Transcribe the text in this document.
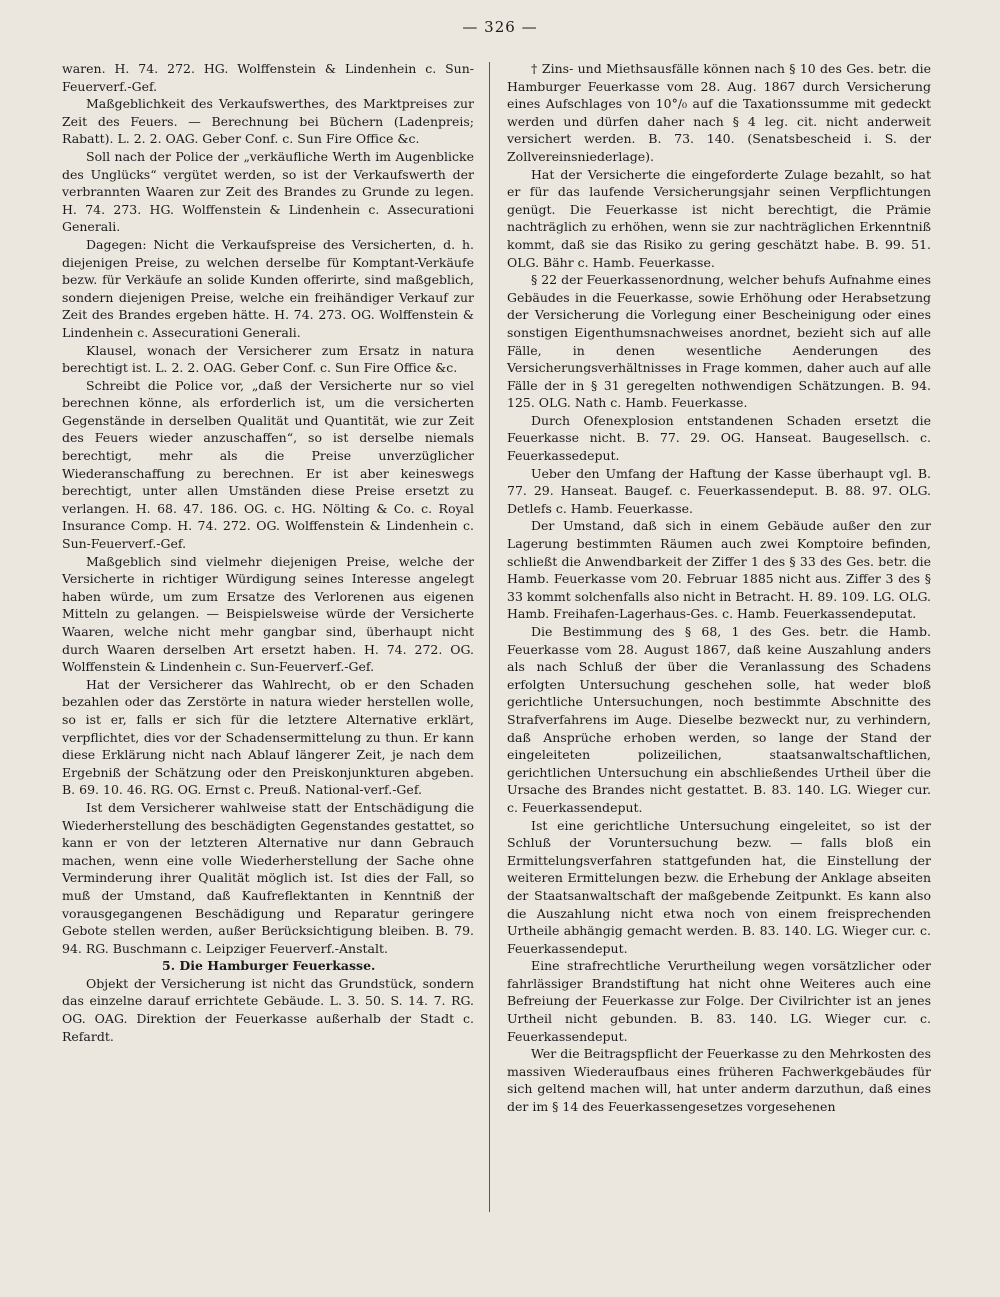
— 326 —

waren. H. 74. 272. HG. Wolffenstein & Lindenhein c. Sun-Feuerverf.-Gef.

Maßgeblichkeit des Verkaufswerthes, des Marktpreises zur Zeit des Feuers. — Berechnung bei Büchern (Ladenpreis; Rabatt). L. 2. 2. OAG. Geber Conf. c. Sun Fire Office &c.

Soll nach der Police der „verkäufliche Werth im Augenblicke des Unglücks“ vergütet werden, so ist der Verkaufswerth der verbrannten Waaren zur Zeit des Brandes zu Grunde zu legen. H. 74. 273. HG. Wolffenstein & Lindenhein c. Assecurationi Generali.

Dagegen: Nicht die Verkaufspreise des Versicherten, d. h. diejenigen Preise, zu welchen derselbe für Komptant-Verkäufe bezw. für Verkäufe an solide Kunden offerirte, sind maßgeblich, sondern diejenigen Preise, welche ein freihändiger Verkauf zur Zeit des Brandes ergeben hätte. H. 74. 273. OG. Wolffenstein & Lindenhein c. Assecurationi Generali.

Klausel, wonach der Versicherer zum Ersatz in natura berechtigt ist. L. 2. 2. OAG. Geber Conf. c. Sun Fire Office &c.

Schreibt die Police vor, „daß der Versicherte nur so viel berechnen könne, als erforderlich ist, um die versicherten Gegenstände in derselben Qualität und Quantität, wie zur Zeit des Feuers wieder anzuschaffen“, so ist derselbe niemals berechtigt, mehr als die Preise unverzüglicher Wiederanschaffung zu berechnen. Er ist aber keineswegs berechtigt, unter allen Umständen diese Preise ersetzt zu verlangen. H. 68. 47. 186. OG. c. HG. Nölting & Co. c. Royal Insurance Comp. H. 74. 272. OG. Wolffenstein & Lindenhein c. Sun-Feuerverf.-Gef.

Maßgeblich sind vielmehr diejenigen Preise, welche der Versicherte in richtiger Würdigung seines Interesse angelegt haben würde, um zum Ersatze des Verlorenen aus eigenen Mitteln zu gelangen. — Beispielsweise würde der Versicherte Waaren, welche nicht mehr gangbar sind, überhaupt nicht durch Waaren derselben Art ersetzt haben. H. 74. 272. OG. Wolffenstein & Lindenhein c. Sun-Feuerverf.-Gef.

Hat der Versicherer das Wahlrecht, ob er den Schaden bezahlen oder das Zerstörte in natura wieder herstellen wolle, so ist er, falls er sich für die letztere Alternative erklärt, verpflichtet, dies vor der Schadensermittelung zu thun. Er kann diese Erklärung nicht nach Ablauf längerer Zeit, je nach dem Ergebniß der Schätzung oder den Preiskonjunkturen abgeben. B. 69. 10. 46. RG. OG. Ernst c. Preuß. National-verf.-Gef.

Ist dem Versicherer wahlweise statt der Entschädigung die Wiederherstellung des beschädigten Gegenstandes gestattet, so kann er von der letzteren Alternative nur dann Gebrauch machen, wenn eine volle Wiederherstellung der Sache ohne Verminderung ihrer Qualität möglich ist. Ist dies der Fall, so muß der Umstand, daß Kaufreflektanten in Kenntniß der vorausgegangenen Beschädigung und Reparatur geringere Gebote stellen werden, außer Berücksichtigung bleiben. B. 79. 94. RG. Buschmann c. Leipziger Feuerverf.-Anstalt.

5. Die Hamburger Feuerkasse.

Objekt der Versicherung ist nicht das Grundstück, sondern das einzelne darauf errichtete Gebäude. L. 3. 50. S. 14. 7. RG. OG. OAG. Direktion der Feuerkasse außerhalb der Stadt c. Refardt.

† Zins- und Miethsausfälle können nach § 10 des Ges. betr. die Hamburger Feuerkasse vom 28. Aug. 1867 durch Versicherung eines Aufschlages von 10°/₀ auf die Taxationssumme mit gedeckt werden und dürfen daher nach § 4 leg. cit. nicht anderweit versichert werden. B. 73. 140. (Senatsbescheid i. S. der Zollvereinsniederlage).

Hat der Versicherte die eingeforderte Zulage bezahlt, so hat er für das laufende Versicherungsjahr seinen Verpflichtungen genügt. Die Feuerkasse ist nicht berechtigt, die Prämie nachträglich zu erhöhen, wenn sie zur nachträglichen Erkenntniß kommt, daß sie das Risiko zu gering geschätzt habe. B. 99. 51. OLG. Bähr c. Hamb. Feuerkasse.

§ 22 der Feuerkassenordnung, welcher behufs Aufnahme eines Gebäudes in die Feuerkasse, sowie Erhöhung oder Herabsetzung der Versicherung die Vorlegung einer Bescheinigung oder eines sonstigen Eigenthumsnachweises anordnet, bezieht sich auf alle Fälle, in denen wesentliche Aenderungen des Versicherungsverhältnisses in Frage kommen, daher auch auf alle Fälle der in § 31 geregelten nothwendigen Schätzungen. B. 94. 125. OLG. Nath c. Hamb. Feuerkasse.

Durch Ofenexplosion entstandenen Schaden ersetzt die Feuerkasse nicht. B. 77. 29. OG. Hanseat. Baugesellsch. c. Feuerkassedeput.

Ueber den Umfang der Haftung der Kasse überhaupt vgl. B. 77. 29. Hanseat. Baugef. c. Feuerkassendeput. B. 88. 97. OLG. Detlefs c. Hamb. Feuerkasse.

Der Umstand, daß sich in einem Gebäude außer den zur Lagerung bestimmten Räumen auch zwei Komptoire befinden, schließt die Anwendbarkeit der Ziffer 1 des § 33 des Ges. betr. die Hamb. Feuerkasse vom 20. Februar 1885 nicht aus. Ziffer 3 des § 33 kommt solchenfalls also nicht in Betracht. H. 89. 109. LG. OLG. Hamb. Freihafen-Lagerhaus-Ges. c. Hamb. Feuerkassendeputat.

Die Bestimmung des § 68, 1 des Ges. betr. die Hamb. Feuerkasse vom 28. August 1867, daß keine Auszahlung anders als nach Schluß der über die Veranlassung des Schadens erfolgten Untersuchung geschehen solle, hat weder bloß gerichtliche Untersuchungen, noch bestimmte Abschnitte des Strafverfahrens im Auge. Dieselbe bezweckt nur, zu verhindern, daß Ansprüche erhoben werden, so lange der Stand der eingeleiteten polizeilichen, staatsanwaltschaftlichen, gerichtlichen Untersuchung ein abschließendes Urtheil über die Ursache des Brandes nicht gestattet. B. 83. 140. LG. Wieger cur. c. Feuerkassendeput.

Ist eine gerichtliche Untersuchung eingeleitet, so ist der Schluß der Voruntersuchung bezw. — falls bloß ein Ermittelungsverfahren stattgefunden hat, die Einstellung der weiteren Ermittelungen bezw. die Erhebung der Anklage abseiten der Staatsanwaltschaft der maßgebende Zeitpunkt. Es kann also die Auszahlung nicht etwa noch von einem freisprechenden Urtheile abhängig gemacht werden. B. 83. 140. LG. Wieger cur. c. Feuerkassendeput.

Eine strafrechtliche Verurtheilung wegen vorsätzlicher oder fahrlässiger Brandstiftung hat nicht ohne Weiteres auch eine Befreiung der Feuerkasse zur Folge. Der Civilrichter ist an jenes Urtheil nicht gebunden. B. 83. 140. LG. Wieger cur. c. Feuerkassendeput.

Wer die Beitragspflicht der Feuerkasse zu den Mehrkosten des massiven Wiederaufbaus eines früheren Fachwerkgebäudes für sich geltend machen will, hat unter anderm darzuthun, daß eines der im § 14 des Feuerkassengesetzes vorgesehenen
